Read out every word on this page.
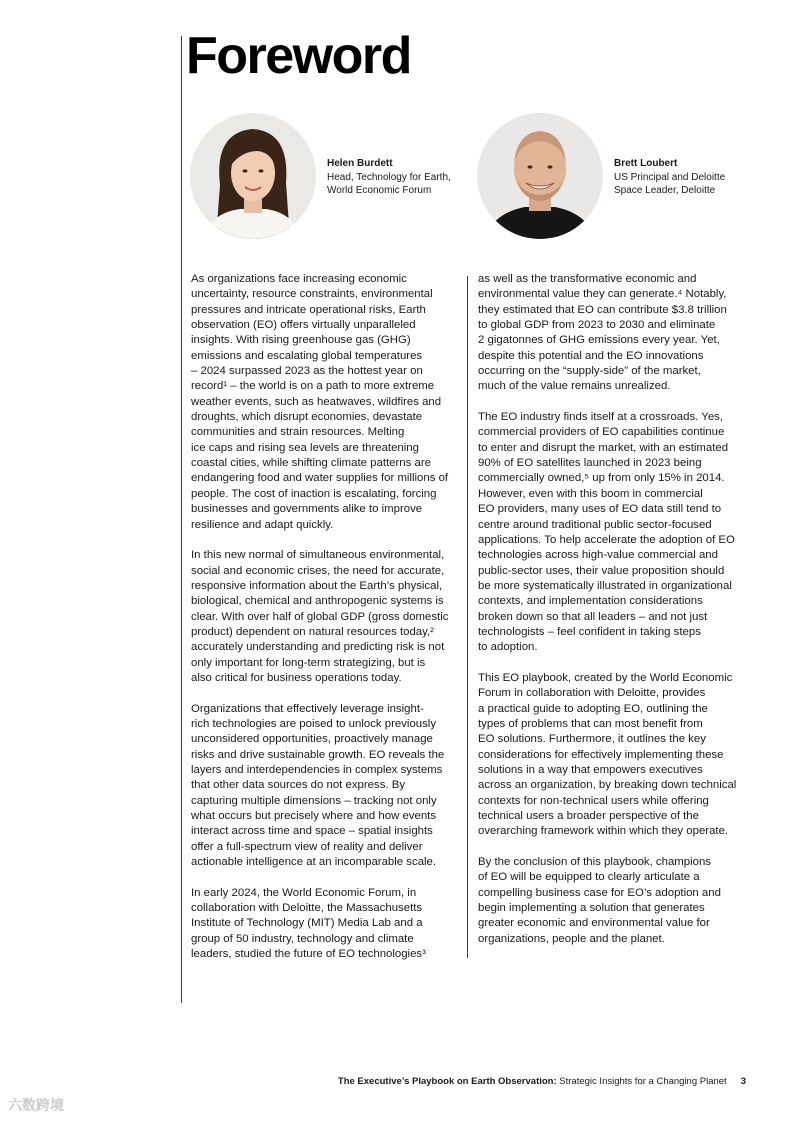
Foreword
Helen Burdett
Head, Technology for Earth,
World Economic Forum
Brett Loubert
US Principal and Deloitte
Space Leader, Deloitte

As organizations face increasing economic
uncertainty, resource constraints, environmental
pressures and intricate operational risks, Earth
observation (EO) offers virtually unparalleled
insights. With rising greenhouse gas (GHG)
emissions and escalating global temperatures
– 2024 surpassed 2023 as the hottest year on
record¹ – the world is on a path to more extreme
weather events, such as heatwaves, wildfires and
droughts, which disrupt economies, devastate
communities and strain resources. Melting
ice caps and rising sea levels are threatening
coastal cities, while shifting climate patterns are
endangering food and water supplies for millions of
people. The cost of inaction is escalating, forcing
businesses and governments alike to improve
resilience and adapt quickly.

In this new normal of simultaneous environmental,
social and economic crises, the need for accurate,
responsive information about the Earth’s physical,
biological, chemical and anthropogenic systems is
clear. With over half of global GDP (gross domestic
product) dependent on natural resources today,²
accurately understanding and predicting risk is not
only important for long-term strategizing, but is
also critical for business operations today.

Organizations that effectively leverage insight-
rich technologies are poised to unlock previously
unconsidered opportunities, proactively manage
risks and drive sustainable growth. EO reveals the
layers and interdependencies in complex systems
that other data sources do not express. By
capturing multiple dimensions – tracking not only
what occurs but precisely where and how events
interact across time and space – spatial insights
offer a full-spectrum view of reality and deliver
actionable intelligence at an incomparable scale.

In early 2024, the World Economic Forum, in
collaboration with Deloitte, the Massachusetts
Institute of Technology (MIT) Media Lab and a
group of 50 industry, technology and climate
leaders, studied the future of EO technologies³

as well as the transformative economic and
environmental value they can generate.⁴ Notably,
they estimated that EO can contribute $3.8 trillion
to global GDP from 2023 to 2030 and eliminate
2 gigatonnes of GHG emissions every year. Yet,
despite this potential and the EO innovations
occurring on the “supply-side” of the market,
much of the value remains unrealized.

The EO industry finds itself at a crossroads. Yes,
commercial providers of EO capabilities continue
to enter and disrupt the market, with an estimated
90% of EO satellites launched in 2023 being
commercially owned,⁵ up from only 15% in 2014.
However, even with this boom in commercial
EO providers, many uses of EO data still tend to
centre around traditional public sector-focused
applications. To help accelerate the adoption of EO
technologies across high-value commercial and
public-sector uses, their value proposition should
be more systematically illustrated in organizational
contexts, and implementation considerations
broken down so that all leaders – and not just
technologists – feel confident in taking steps
to adoption.

This EO playbook, created by the World Economic
Forum in collaboration with Deloitte, provides
a practical guide to adopting EO, outlining the
types of problems that can most benefit from
EO solutions. Furthermore, it outlines the key
considerations for effectively implementing these
solutions in a way that empowers executives
across an organization, by breaking down technical
contexts for non-technical users while offering
technical users a broader perspective of the
overarching framework within which they operate.

By the conclusion of this playbook, champions
of EO will be equipped to clearly articulate a
compelling business case for EO’s adoption and
begin implementing a solution that generates
greater economic and environmental value for
organizations, people and the planet.

The Executive’s Playbook on Earth Observation: Strategic Insights for a Changing Planet 3
六数跨境
